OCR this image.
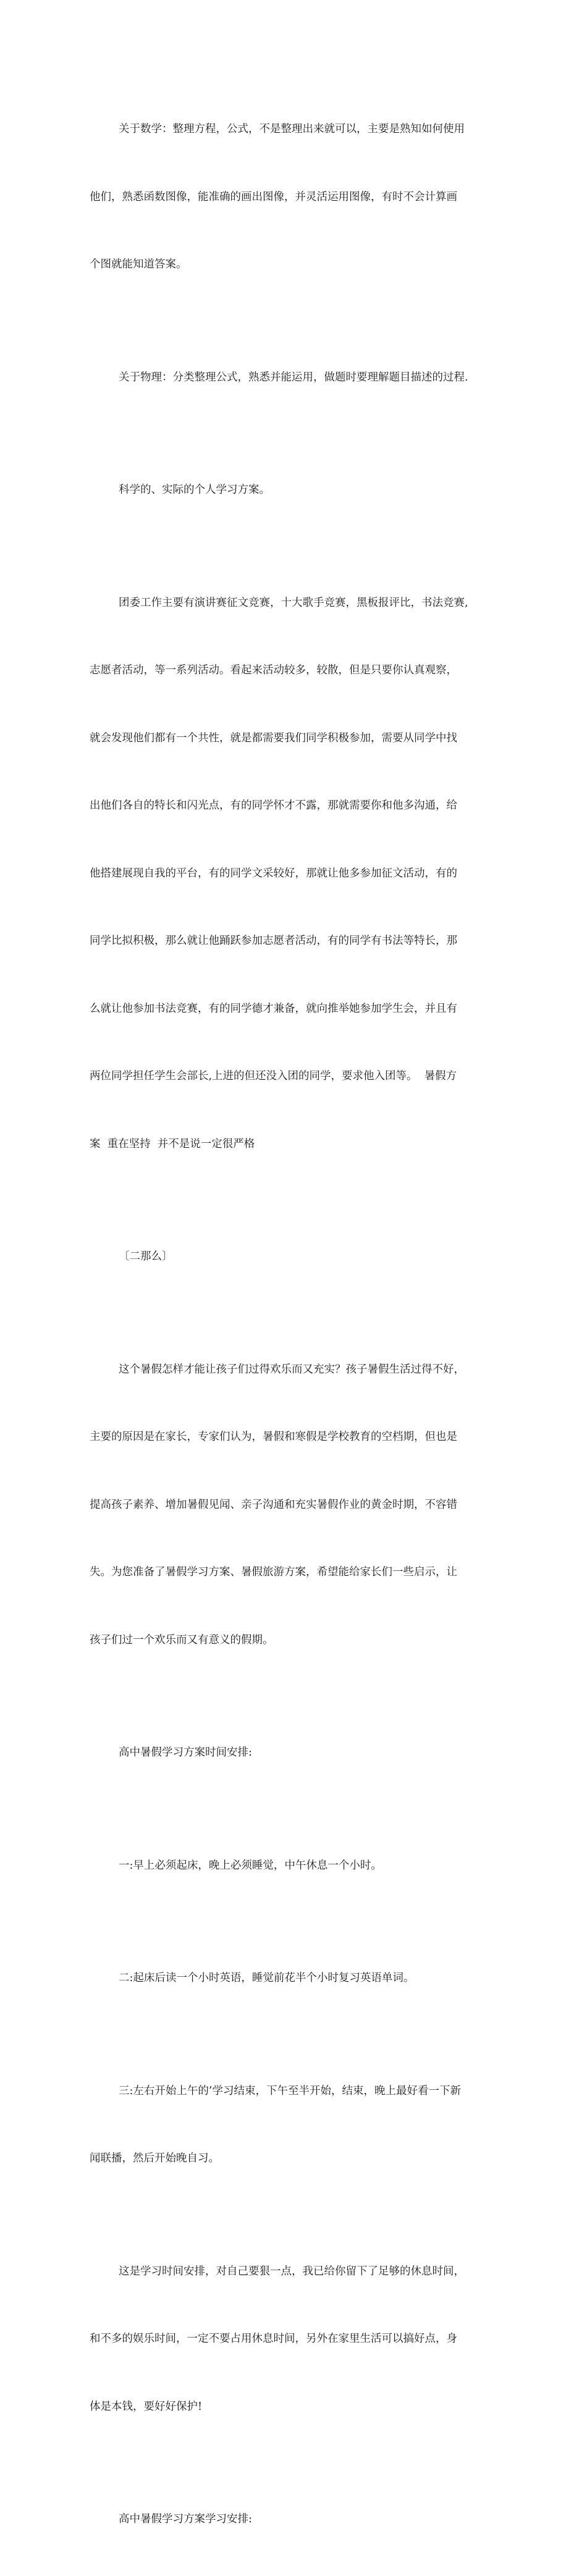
关于数学：整理方程，公式，不是整理出来就可以，主要是熟知如何使用

他们，熟悉函数图像，能准确的画出图像，并灵活运用图像，有时不会计算画

个图就能知道答案。

关于物理：分类整理公式，熟悉并能运用，做题时要理解题目描述的过程.

科学的、实际的个人学习方案。

团委工作主要有演讲赛征文竞赛，十大歌手竞赛，黑板报评比，书法竞赛,

志愿者活动，等一系列活动。看起来活动较多，较散，但是只要你认真观察，

就会发现他们都有一个共性，就是都需要我们同学积极参加，需要从同学中找

出他们各自的特长和闪光点，有的同学怀才不露，那就需要你和他多沟通，给

他搭建展现自我的平台，有的同学文采较好，那就让他多参加征文活动，有的

同学比拟积极，那么就让他踊跃参加志愿者活动，有的同学有书法等特长，那

么就让他参加书法竞赛，有的同学德才兼备，就向推举她参加学生会，并且有

两位同学担任学生会部长,上进的但还没入团的同学，要求他入团等。  暑假方

案  重在坚持  并不是说一定很严格

〔二那么〕

这个暑假怎样才能让孩子们过得欢乐而又充实？孩子暑假生活过得不好，

主要的原因是在家长，专家们认为，暑假和寒假是学校教育的空档期，但也是

提高孩子素养、增加暑假见闻、亲子沟通和充实暑假作业的黄金时期，不容错

失。为您准备了暑假学习方案、暑假旅游方案，希望能给家长们一些启示，让

孩子们过一个欢乐而又有意义的假期。

高中暑假学习方案时间安排:

一:早上必须起床，晚上必须睡觉，中午休息一个小时。

二:起床后读一个小时英语，睡觉前花半个小时复习英语单词。

三:左右开始上午的’学习结束，下午至半开始，结束，晚上最好看一下新

闻联播，然后开始晚自习。

这是学习时间安排，对自己要狠一点，我已给你留下了足够的休息时间，

和不多的娱乐时间，一定不要占用休息时间，另外在家里生活可以搞好点，身

体是本钱，要好好保护!

高中暑假学习方案学习安排:
